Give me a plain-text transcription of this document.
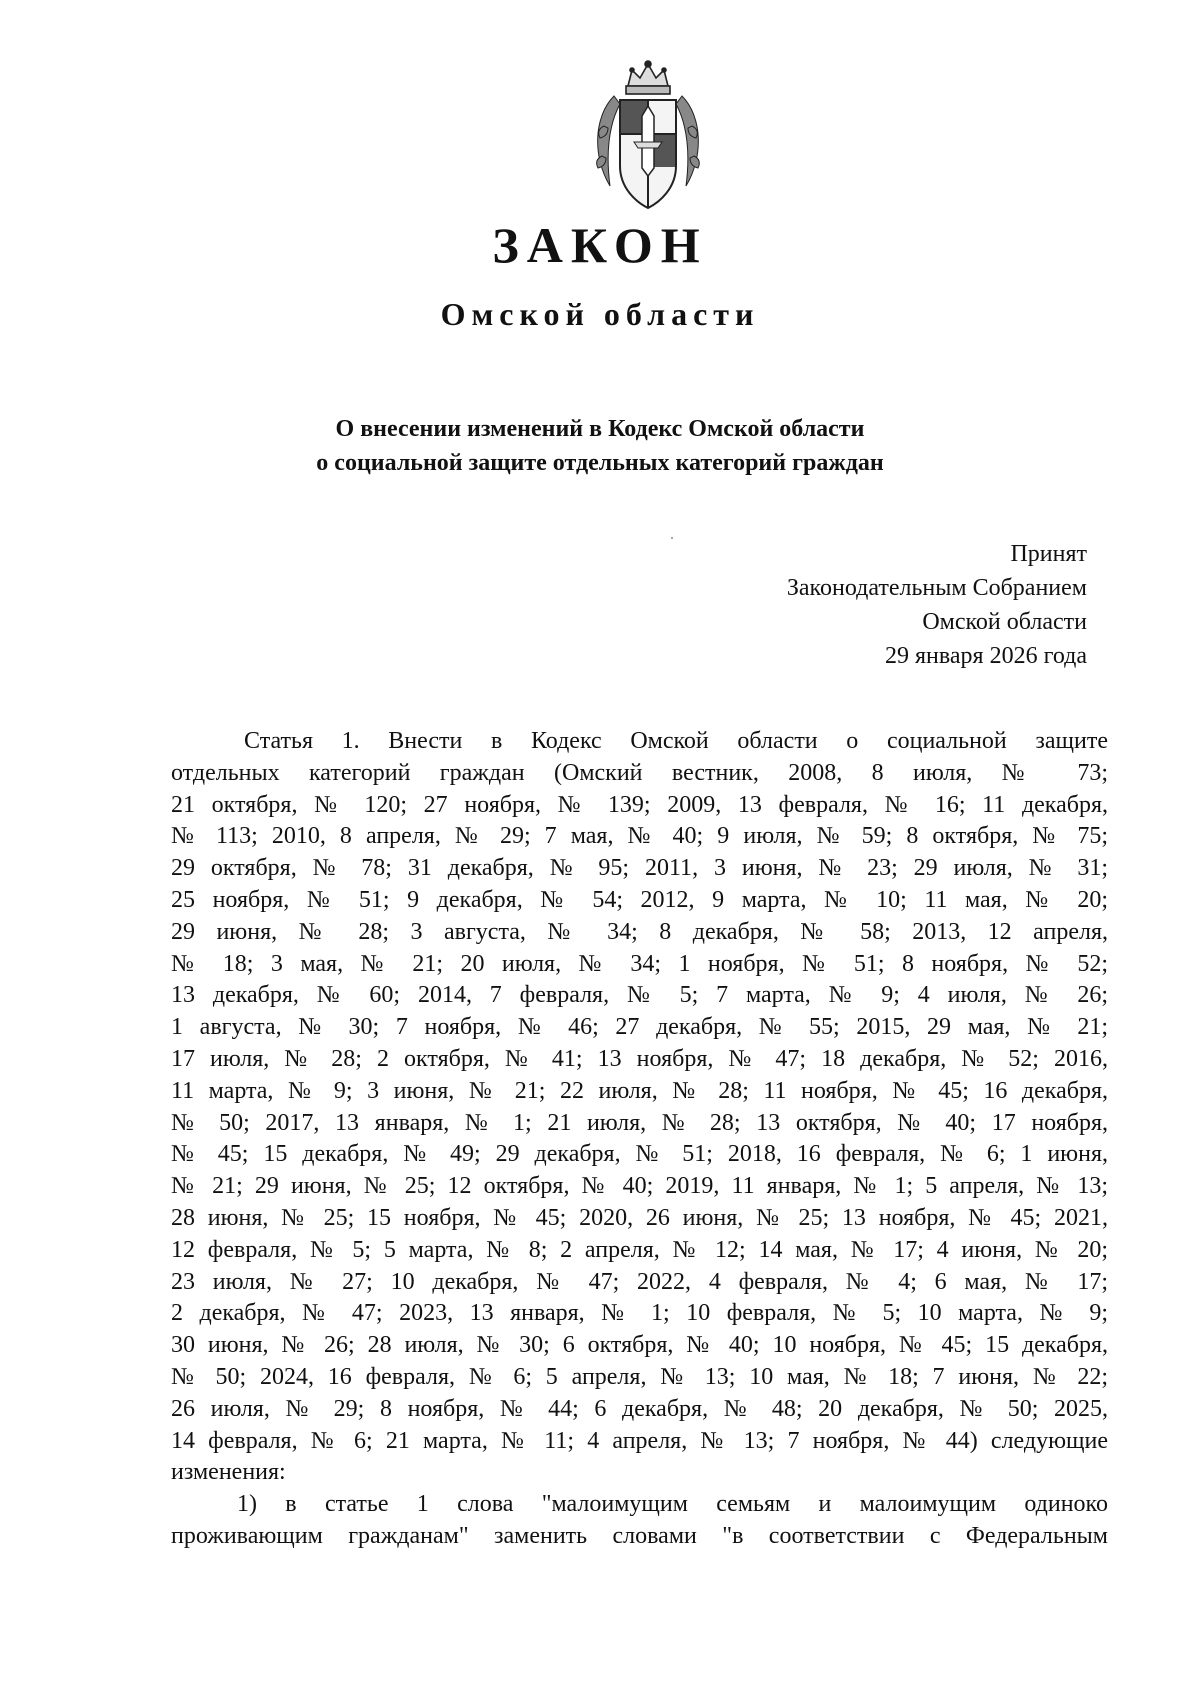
ЗАКОН
Омской области
О внесении изменений в Кодекс Омской области
о социальной защите отдельных категорий граждан
Принят
Законодательным Собранием
Омской области
29 января 2026 года
Статья 1. Внести в Кодекс Омской области о социальной защите
отдельных категорий граждан (Омский вестник, 2008, 8 июля, № 73;
21 октября, № 120; 27 ноября, № 139; 2009, 13 февраля, № 16; 11 декабря,
№ 113; 2010, 8 апреля, № 29; 7 мая, № 40; 9 июля, № 59; 8 октября, № 75;
29 октября, № 78; 31 декабря, № 95; 2011, 3 июня, № 23; 29 июля, № 31;
25 ноября, № 51; 9 декабря, № 54; 2012, 9 марта, № 10; 11 мая, № 20;
29 июня, № 28; 3 августа, № 34; 8 декабря, № 58; 2013, 12 апреля,
№ 18; 3 мая, № 21; 20 июля, № 34; 1 ноября, № 51; 8 ноября, № 52;
13 декабря, № 60; 2014, 7 февраля, № 5; 7 марта, № 9; 4 июля, № 26;
1 августа, № 30; 7 ноября, № 46; 27 декабря, № 55; 2015, 29 мая, № 21;
17 июля, № 28; 2 октября, № 41; 13 ноября, № 47; 18 декабря, № 52; 2016,
11 марта, № 9; 3 июня, № 21; 22 июля, № 28; 11 ноября, № 45; 16 декабря,
№ 50; 2017, 13 января, № 1; 21 июля, № 28; 13 октября, № 40; 17 ноября,
№ 45; 15 декабря, № 49; 29 декабря, № 51; 2018, 16 февраля, № 6; 1 июня,
№ 21; 29 июня, № 25; 12 октября, № 40; 2019, 11 января, № 1; 5 апреля, № 13;
28 июня, № 25; 15 ноября, № 45; 2020, 26 июня, № 25; 13 ноября, № 45; 2021,
12 февраля, № 5; 5 марта, № 8; 2 апреля, № 12; 14 мая, № 17; 4 июня, № 20;
23 июля, № 27; 10 декабря, № 47; 2022, 4 февраля, № 4; 6 мая, № 17;
2 декабря, № 47; 2023, 13 января, № 1; 10 февраля, № 5; 10 марта, № 9;
30 июня, № 26; 28 июля, № 30; 6 октября, № 40; 10 ноября, № 45; 15 декабря,
№ 50; 2024, 16 февраля, № 6; 5 апреля, № 13; 10 мая, № 18; 7 июня, № 22;
26 июля, № 29; 8 ноября, № 44; 6 декабря, № 48; 20 декабря, № 50; 2025,
14 февраля, № 6; 21 марта, № 11; 4 апреля, № 13; 7 ноября, № 44) следующие
изменения:
1) в статье 1 слова "малоимущим семьям и малоимущим одиноко
проживающим гражданам" заменить словами "в соответствии с Федеральным
